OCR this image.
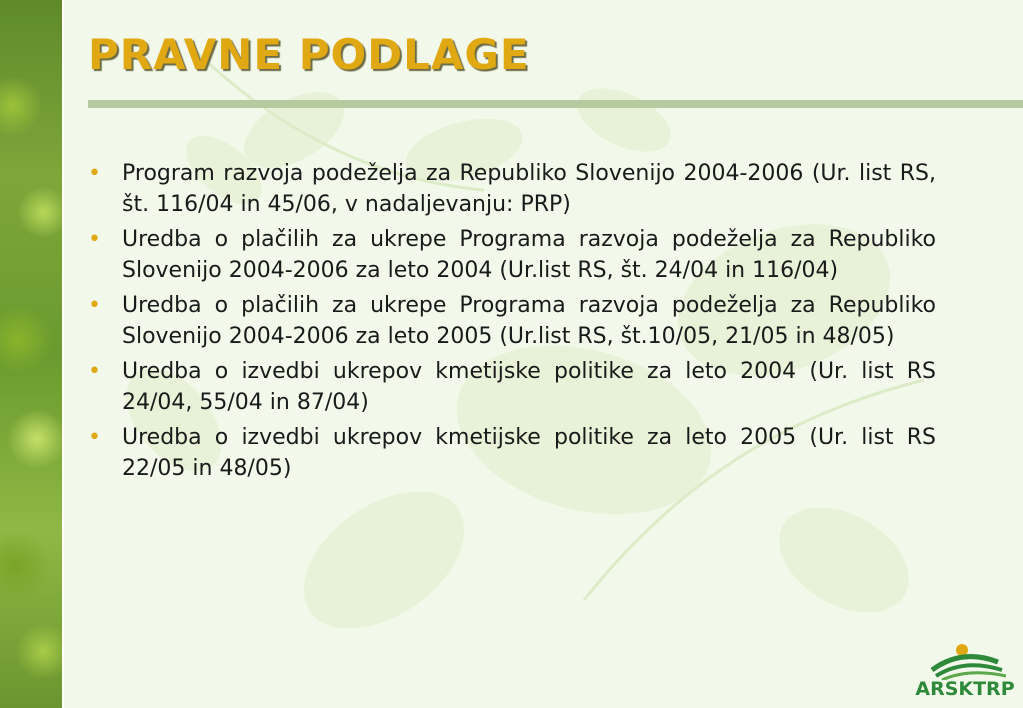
PRAVNE PODLAGE
• Program razvoja podeželja za Republiko Slovenijo 2004-2006 (Ur. list RS, št. 116/04 in 45/06, v nadaljevanju: PRP)
• Uredba o plačilih za ukrepe Programa razvoja podeželja za Republiko Slovenijo 2004-2006 za leto 2004 (Ur.list RS, št. 24/04 in 116/04)
• Uredba o plačilih za ukrepe Programa razvoja podeželja za Republiko Slovenijo 2004-2006 za leto 2005 (Ur.list RS, št.10/05, 21/05 in 48/05)
• Uredba o izvedbi ukrepov kmetijske politike za leto 2004 (Ur. list RS 24/04, 55/04 in 87/04)
• Uredba o izvedbi ukrepov kmetijske politike za leto 2005 (Ur. list RS 22/05 in 48/05)
ARSKTRP
